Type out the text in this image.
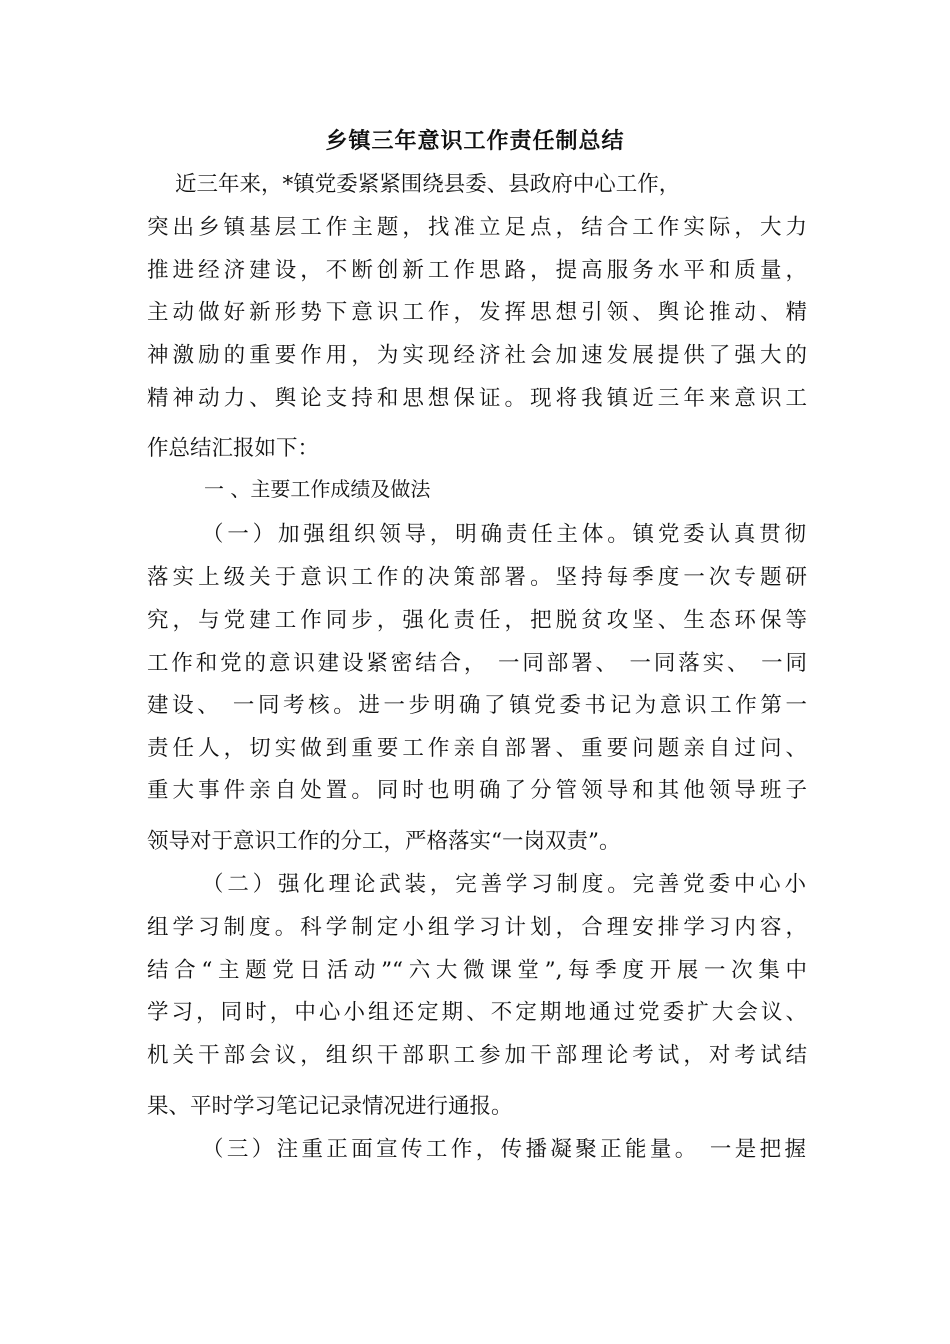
乡镇三年意识工作责任制总结

近三年来，*镇党委紧紧围绕县委、县政府中心工作，

突出乡镇基层工作主题，找准立足点，结合工作实际，大力

推进经济建设，不断创新工作思路，提高服务水平和质量，

主动做好新形势下意识工作，发挥思想引领、舆论推动、精

神激励的重要作用，为实现经济社会加速发展提供了强大的

精神动力、舆论支持和思想保证。现将我镇近三年来意识工

作总结汇报如下：

一 、主要工作成绩及做法

（一）加强组织领导，明确责任主体。镇党委认真贯彻

落实上级关于意识工作的决策部署。坚持每季度一次专题研

究，与党建工作同步，强化责任，把脱贫攻坚、生态环保等

工作和党的意识建设紧密结合， 一同部署、 一同落实、 一同

建设、 一同考核。进一步明确了镇党委书记为意识工作第一

责任人，切实做到重要工作亲自部署、重要问题亲自过问、

重大事件亲自处置。同时也明确了分管领导和其他领导班子

领导对于意识工作的分工，严格落实“一岗双责”。

（二）强化理论武装，完善学习制度。完善党委中心小

组学习制度。科学制定小组学习计划，合理安排学习内容，

结合“主题党日活动”“六大微课堂”,每季度开展一次集中

学习，同时，中心小组还定期、不定期地通过党委扩大会议、

机关干部会议，组织干部职工参加干部理论考试，对考试结

果、平时学习笔记记录情况进行通报。

（三）注重正面宣传工作，传播凝聚正能量。 一是把握
